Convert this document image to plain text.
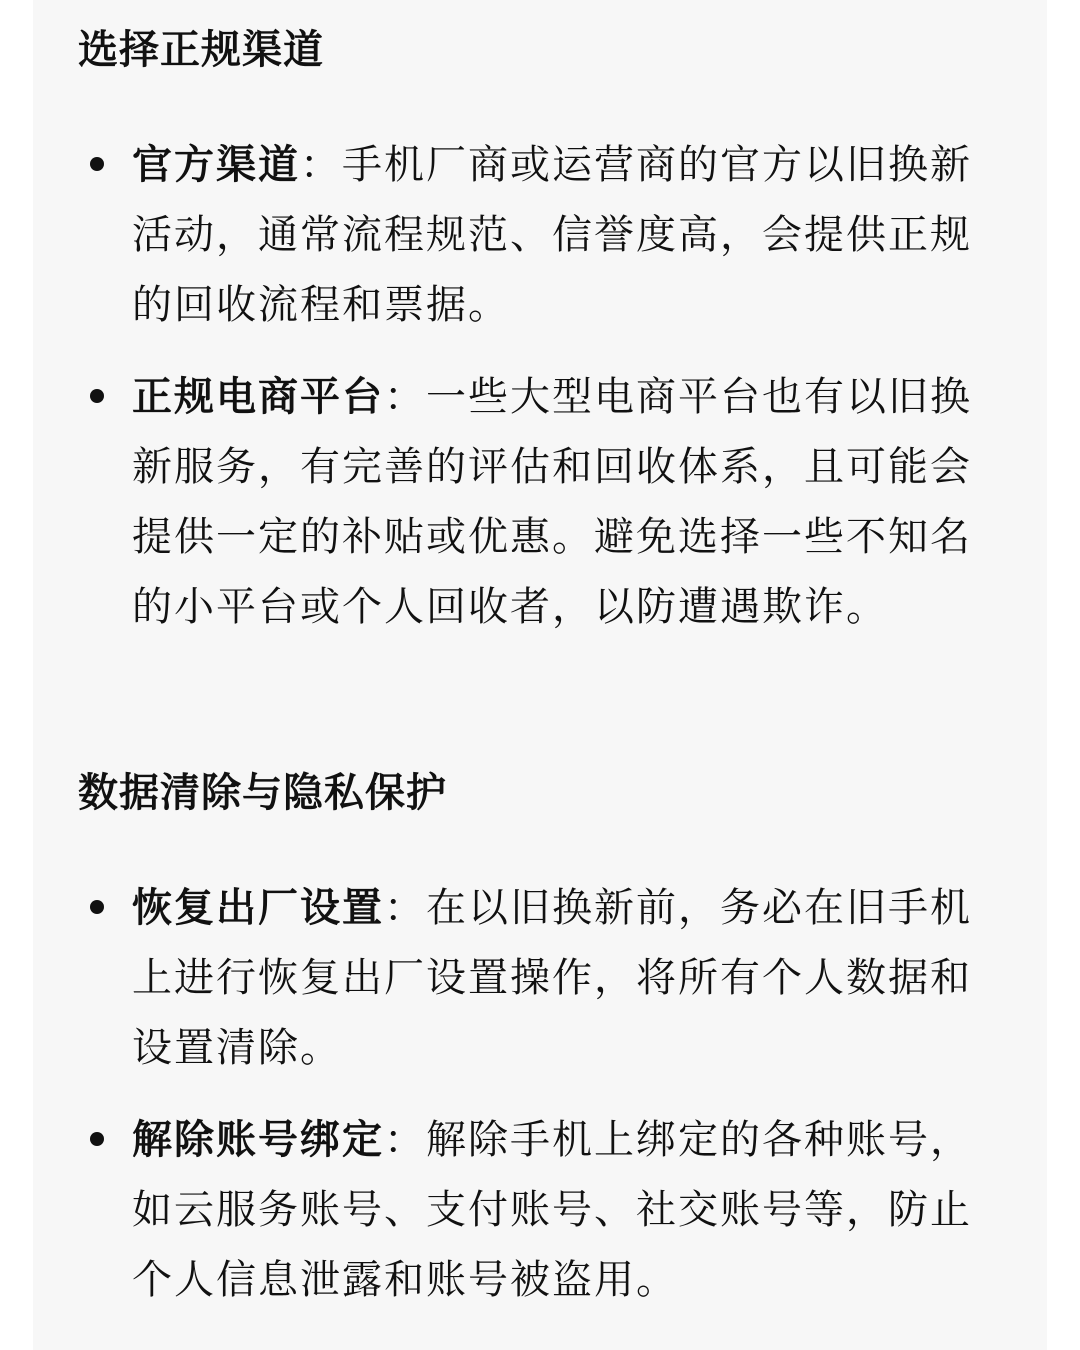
选择正规渠道
官方渠道：手机厂商或运营商的官方以旧换新活动，通常流程规范、信誉度高，会提供正规的回收流程和票据。
正规电商平台：一些大型电商平台也有以旧换新服务，有完善的评估和回收体系，且可能会提供一定的补贴或优惠。避免选择一些不知名的小平台或个人回收者，以防遭遇欺诈。
数据清除与隐私保护
恢复出厂设置：在以旧换新前，务必在旧手机上进行恢复出厂设置操作，将所有个人数据和设置清除。
解除账号绑定：解除手机上绑定的各种账号，如云服务账号、支付账号、社交账号等，防止个人信息泄露和账号被盗用。
